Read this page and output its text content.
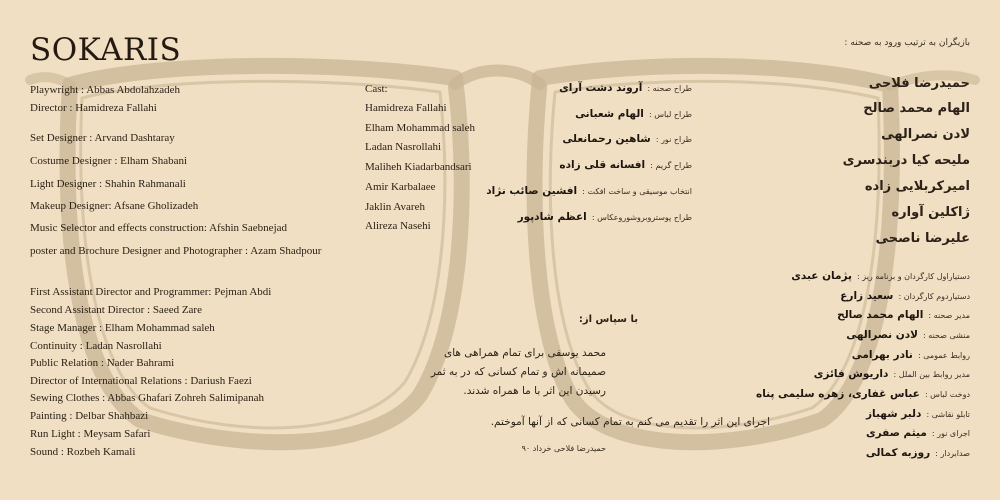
SOKARIS
Playwright : Abbas Abdolahzadeh
Director : Hamidreza Fallahi
Set Designer : Arvand Dashtaray
Costume Designer : Elham Shabani
Light Designer : Shahin Rahmanali
Makeup Designer: Afsane Gholizadeh
Music Selector and effects construction: Afshin Saebnejad
poster and Brochure Designer and Photographer : Azam Shadpour
First Assistant Director and Programmer: Pejman Abdi
Second Assistant Director : Saeed Zare
Stage Manager : Elham Mohammad saleh
Continuity : Ladan Nasrollahi
Public Relation : Nader Bahrami
Director of International Relations : Dariush Faezi
Sewing Clothes : Abbas Ghafari Zohreh Salimipanah
Painting : Delbar Shahbazi
Run Light : Meysam Safari
Sound : Rozbeh Kamali
Cast:
Hamidreza Fallahi
Elham Mohammad saleh
Ladan Nasrollahi
Maliheh Kiadarbandsari
Amir Karbalaee
Jaklin Avareh
Alireza Nasehi
بازیگران به ترتیب ورود به صحنه :
حمیدرضا فلاحی
الهام محمد صالح
لادن نصرالهی
ملیحه کیا دربندسری
امیرکربلایی زاده
ژاکلین آواره
علیرضا ناصحی
طراح صحنه : آروند دشت آرای
طراح لباس : الهام شعبانی
طراح نور : شاهین رحمانعلی
طراح گریم : افسانه قلی زاده
انتخاب موسیقی و ساخت افکت : افشین صائب نژاد
طراح پوستروبروشوروعکاس : اعظم شادپور
دستیاراول کارگردان و برنامه ریز : پژمان عبدی
دستیاردوم کارگردان : سعید زارع
مدیر صحنه : الهام محمد صالح
منشی صحنه : لادن نصرالهی
روابط عمومی : نادر بهرامی
مدیر روابط بین الملل : داریوش فائزی
دوخت لباس : عباس غفاری، زهره سلیمی پناه
تابلو نقاشی : دلبر شهباز
اجرای نور : میثم صفری
صدابردار : روزبه کمالی
با سپاس از:
محمد یوسفی برای تمام همراهی های
صمیمانه اش و تمام کسانی که در به ثمر
رسیدن این اثر با ما همراه شدند.
اجرای این اثر را تقدیم می کنم به تمام کسانی که از آنها آموختم.
حمیدرضا فلاحی خرداد ۹۰
